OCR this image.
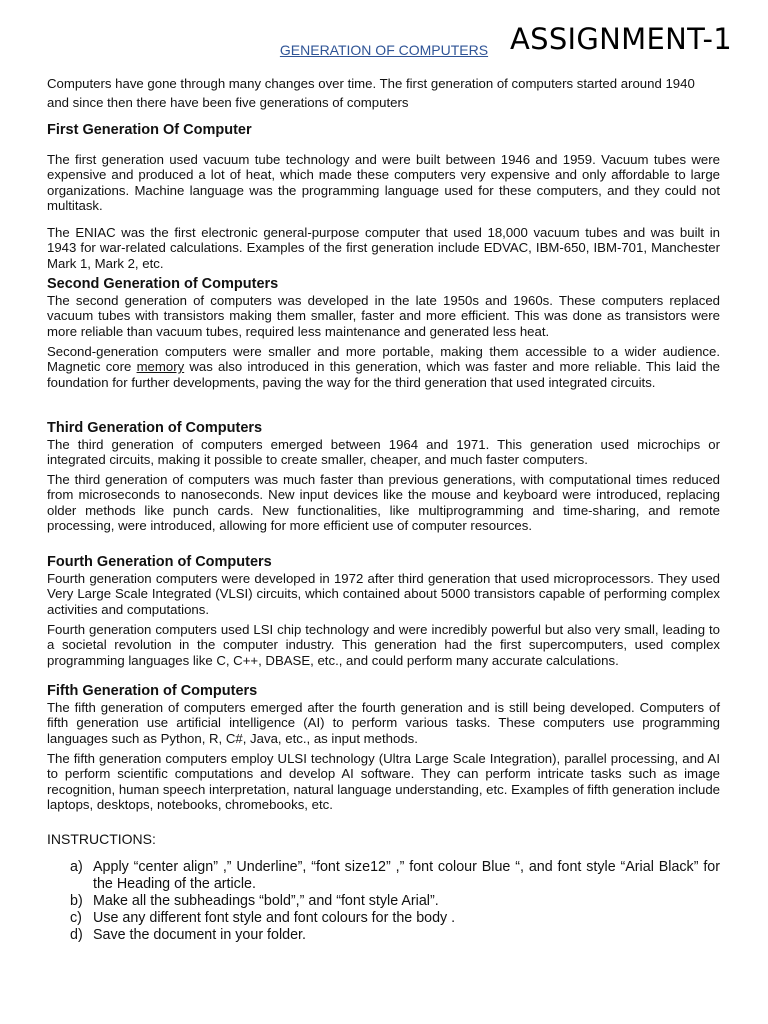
ASSIGNMENT-1
GENERATION OF COMPUTERS

Computers have gone through many changes over time. The first generation of computers started around 1940 and since then there have been five generations of computers

First Generation Of Computer

The first generation used vacuum tube technology and were built between 1946 and 1959. Vacuum tubes were expensive and produced a lot of heat, which made these computers very expensive and only affordable to large organizations. Machine language was the programming language used for these computers, and they could not multitask.

The ENIAC was the first electronic general-purpose computer that used 18,000 vacuum tubes and was built in 1943 for war-related calculations. Examples of the first generation include EDVAC, IBM-650, IBM-701, Manchester Mark 1, Mark 2, etc.

Second Generation of Computers

The second generation of computers was developed in the late 1950s and 1960s. These computers replaced vacuum tubes with transistors making them smaller, faster and more efficient. This was done as transistors were more reliable than vacuum tubes, required less maintenance and generated less heat.

Second-generation computers were smaller and more portable, making them accessible to a wider audience. Magnetic core memory was also introduced in this generation, which was faster and more reliable. This laid the foundation for further developments, paving the way for the third generation that used integrated circuits.

Third Generation of Computers

The third generation of computers emerged between 1964 and 1971. This generation used microchips or integrated circuits, making it possible to create smaller, cheaper, and much faster computers.

The third generation of computers was much faster than previous generations, with computational times reduced from microseconds to nanoseconds. New input devices like the mouse and keyboard were introduced, replacing older methods like punch cards. New functionalities, like multiprogramming and time-sharing, and remote processing, were introduced, allowing for more efficient use of computer resources.

Fourth Generation of Computers

Fourth generation computers were developed in 1972 after third generation that used microprocessors. They used Very Large Scale Integrated (VLSI) circuits, which contained about 5000 transistors capable of performing complex activities and computations.

Fourth generation computers used LSI chip technology and were incredibly powerful but also very small, leading to a societal revolution in the computer industry. This generation had the first supercomputers, used complex programming languages like C, C++, DBASE, etc., and could perform many accurate calculations.

Fifth Generation of Computers

The fifth generation of computers emerged after the fourth generation and is still being developed. Computers of fifth generation use artificial intelligence (AI) to perform various tasks. These computers use programming languages such as Python, R, C#, Java, etc., as input methods.

The fifth generation computers employ ULSI technology (Ultra Large Scale Integration), parallel processing, and AI to perform scientific computations and develop AI software. They can perform intricate tasks such as image recognition, human speech interpretation, natural language understanding, etc. Examples of fifth generation include laptops, desktops, notebooks, chromebooks, etc.

INSTRUCTIONS:
a) Apply “center align” ,” Underline”, “font size12” ,” font colour Blue “, and font style “Arial Black” for the Heading of the article.
b) Make all the subheadings “bold”,” and “font style Arial”.
c) Use any different font style and font colours for the body .
d) Save the document in your folder.
